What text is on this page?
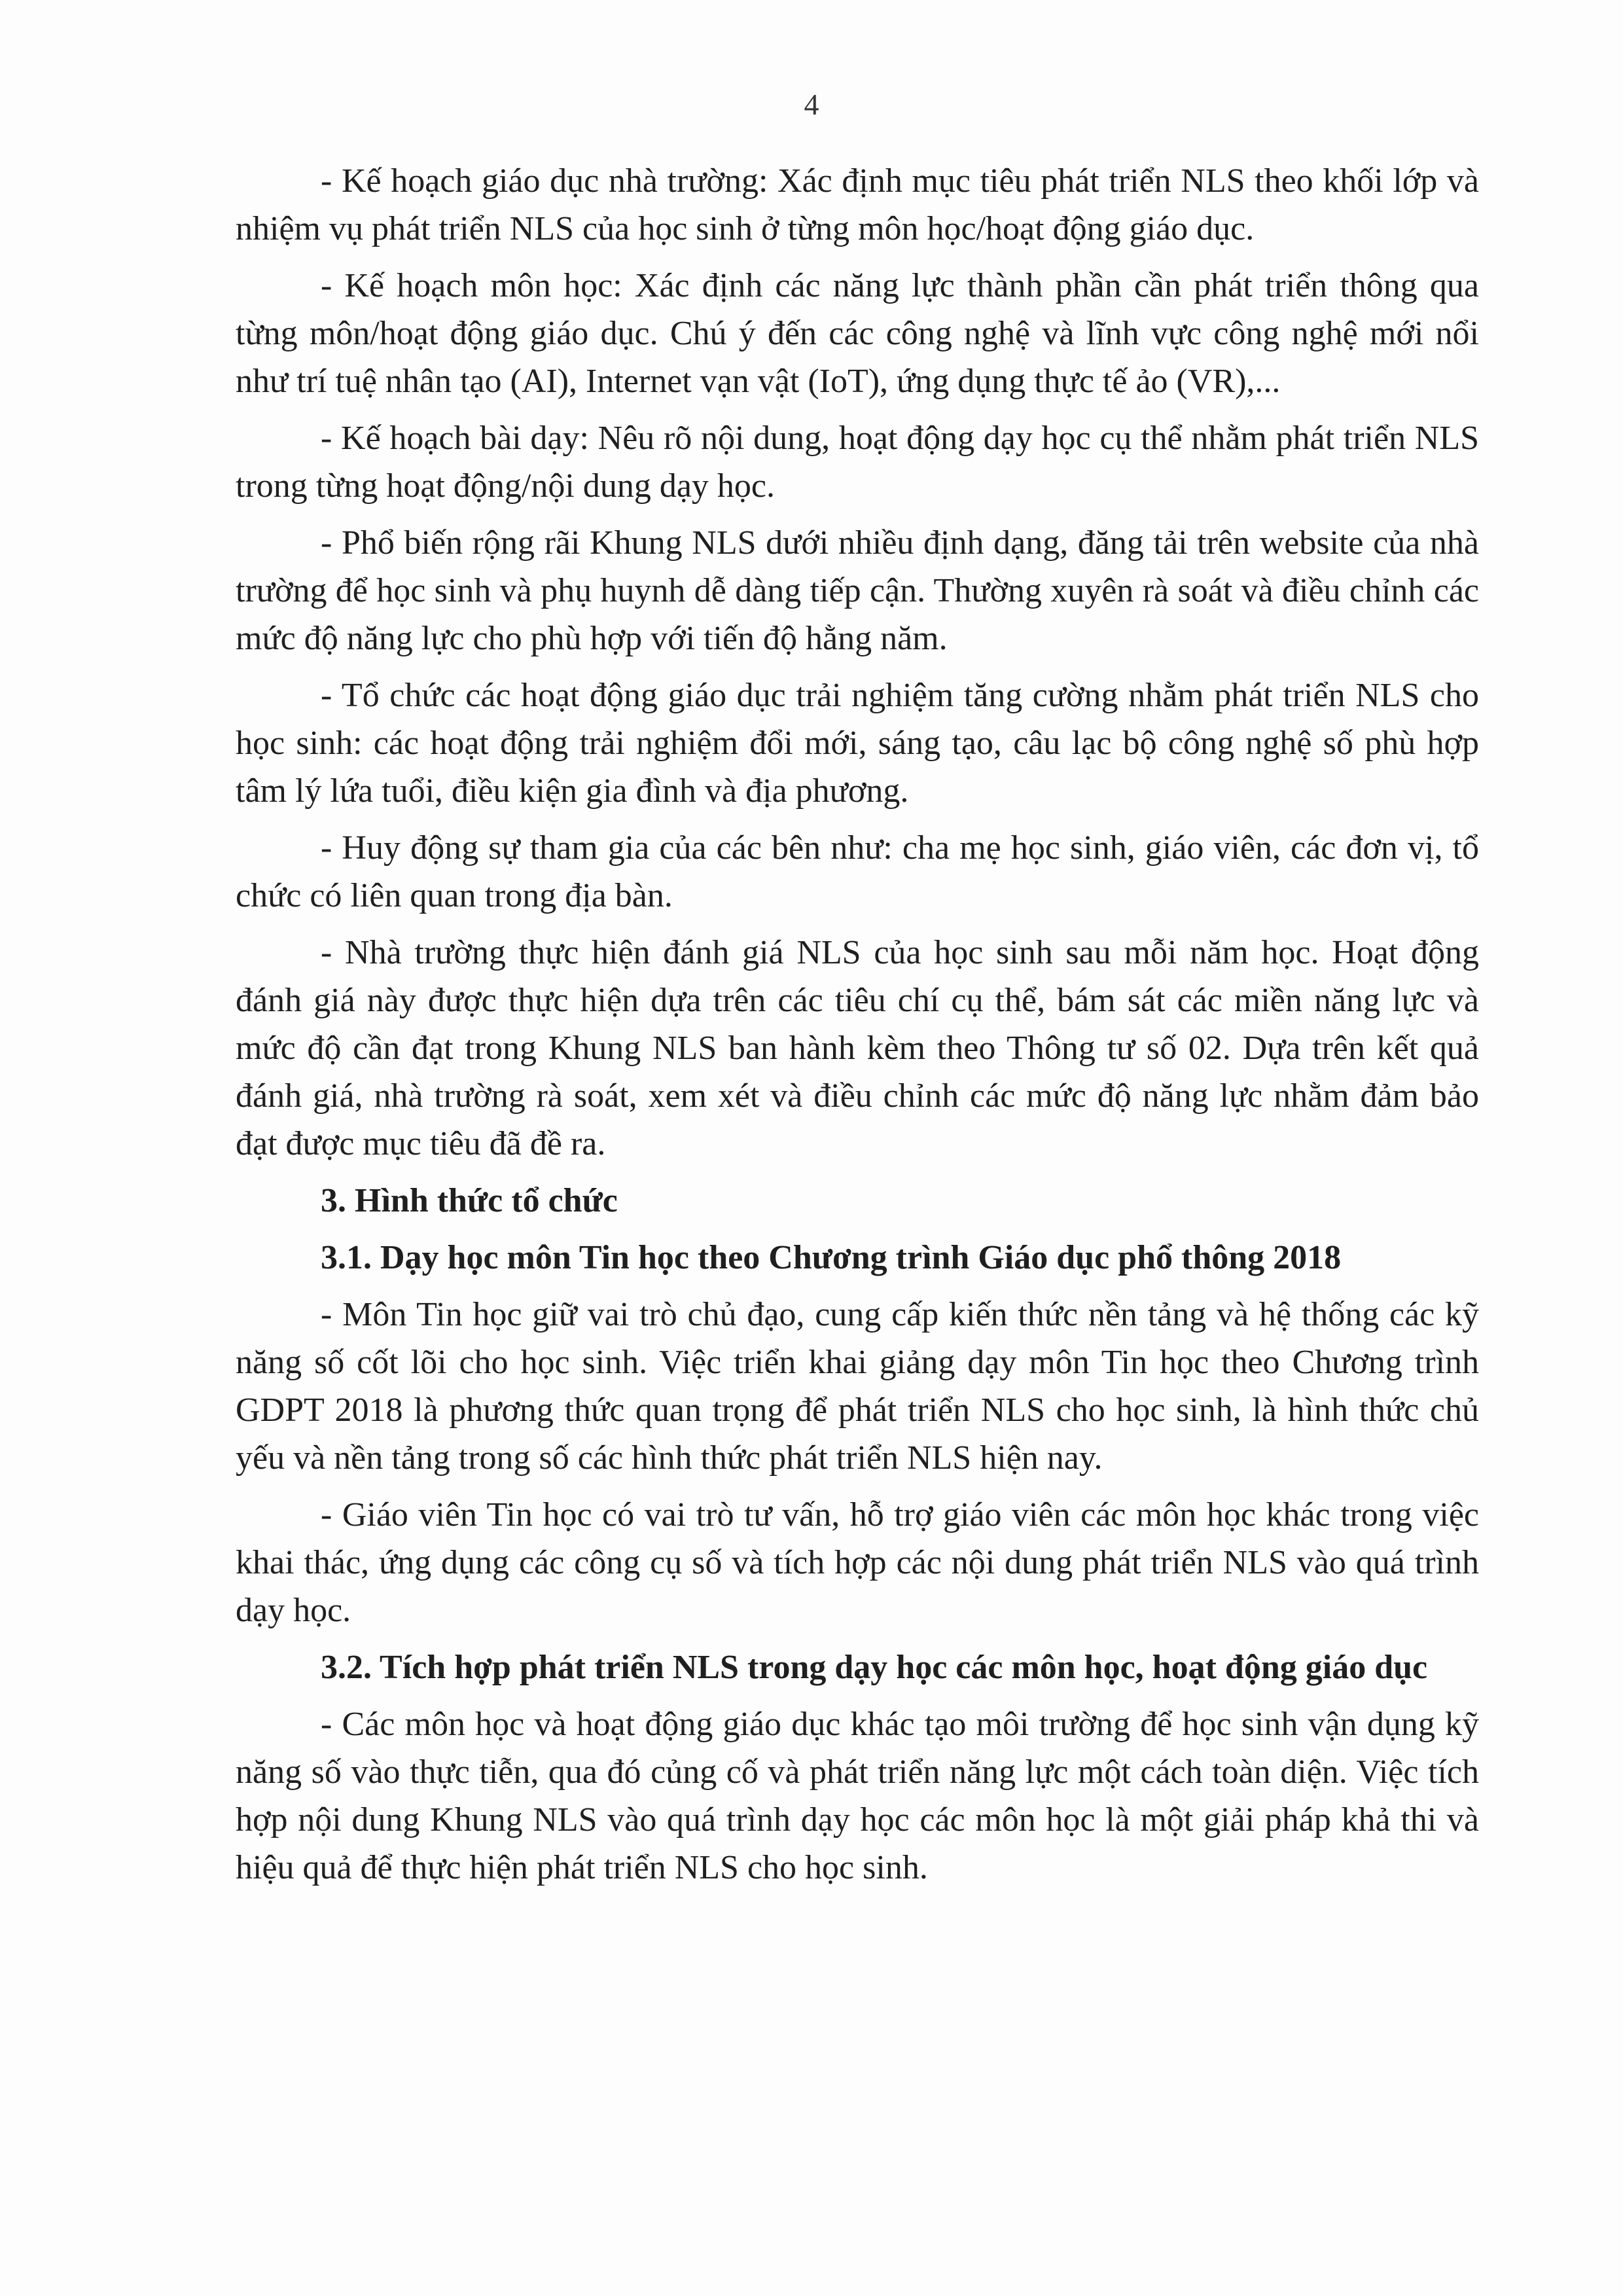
4

- Kế hoạch giáo dục nhà trường: Xác định mục tiêu phát triển NLS theo khối lớp và nhiệm vụ phát triển NLS của học sinh ở từng môn học/hoạt động giáo dục.

- Kế hoạch môn học: Xác định các năng lực thành phần cần phát triển thông qua từng môn/hoạt động giáo dục. Chú ý đến các công nghệ và lĩnh vực công nghệ mới nổi như trí tuệ nhân tạo (AI), Internet vạn vật (IoT), ứng dụng thực tế ảo (VR),...

- Kế hoạch bài dạy: Nêu rõ nội dung, hoạt động dạy học cụ thể nhằm phát triển NLS trong từng hoạt động/nội dung dạy học.

- Phổ biến rộng rãi Khung NLS dưới nhiều định dạng, đăng tải trên website của nhà trường để học sinh và phụ huynh dễ dàng tiếp cận. Thường xuyên rà soát và điều chỉnh các mức độ năng lực cho phù hợp với tiến độ hằng năm.

- Tổ chức các hoạt động giáo dục trải nghiệm tăng cường nhằm phát triển NLS cho học sinh: các hoạt động trải nghiệm đổi mới, sáng tạo, câu lạc bộ công nghệ số phù hợp tâm lý lứa tuổi, điều kiện gia đình và địa phương.

- Huy động sự tham gia của các bên như: cha mẹ học sinh, giáo viên, các đơn vị, tổ chức có liên quan trong địa bàn.

- Nhà trường thực hiện đánh giá NLS của học sinh sau mỗi năm học. Hoạt động đánh giá này được thực hiện dựa trên các tiêu chí cụ thể, bám sát các miền năng lực và mức độ cần đạt trong Khung NLS ban hành kèm theo Thông tư số 02. Dựa trên kết quả đánh giá, nhà trường rà soát, xem xét và điều chỉnh các mức độ năng lực nhằm đảm bảo đạt được mục tiêu đã đề ra.

3. Hình thức tổ chức

3.1. Dạy học môn Tin học theo Chương trình Giáo dục phổ thông 2018

- Môn Tin học giữ vai trò chủ đạo, cung cấp kiến thức nền tảng và hệ thống các kỹ năng số cốt lõi cho học sinh. Việc triển khai giảng dạy môn Tin học theo Chương trình GDPT 2018 là phương thức quan trọng để phát triển NLS cho học sinh, là hình thức chủ yếu và nền tảng trong số các hình thức phát triển NLS hiện nay.

- Giáo viên Tin học có vai trò tư vấn, hỗ trợ giáo viên các môn học khác trong việc khai thác, ứng dụng các công cụ số và tích hợp các nội dung phát triển NLS vào quá trình dạy học.

3.2. Tích hợp phát triển NLS trong dạy học các môn học, hoạt động giáo dục

- Các môn học và hoạt động giáo dục khác tạo môi trường để học sinh vận dụng kỹ năng số vào thực tiễn, qua đó củng cố và phát triển năng lực một cách toàn diện. Việc tích hợp nội dung Khung NLS vào quá trình dạy học các môn học là một giải pháp khả thi và hiệu quả để thực hiện phát triển NLS cho học sinh.
